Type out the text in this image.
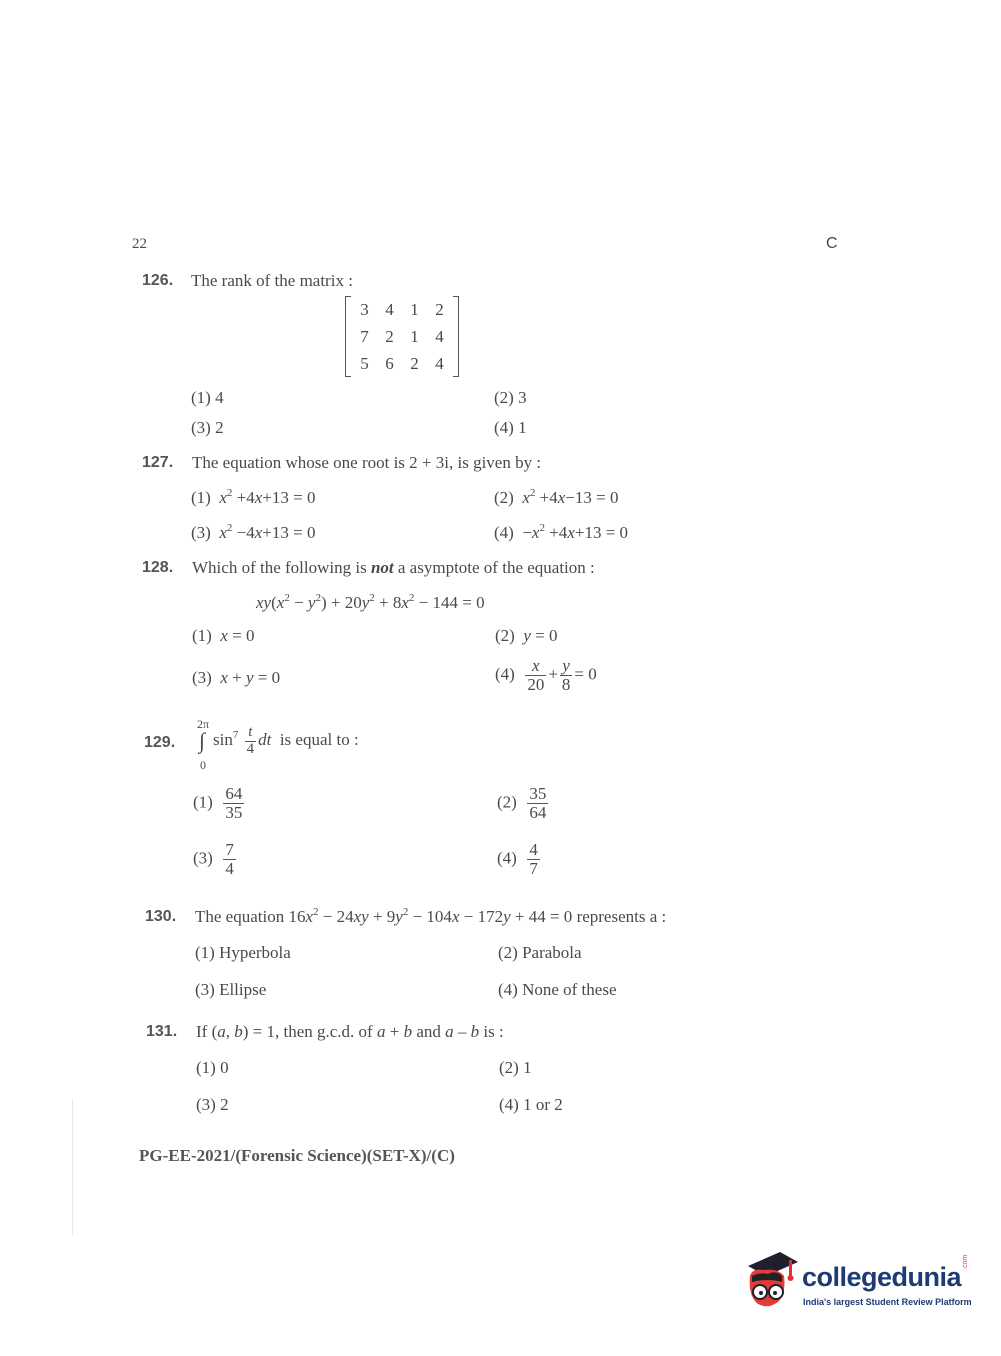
22	C
126. The rank of the matrix :
3 4 1 2
7 2 1 4
5 6 2 4
(1) 4	(2) 3
(3) 2	(4) 1
127. The equation whose one root is 2 + 3i, is given by :
(1) $x^2 +4x+13 = 0$	(2) $x^2 +4x-13 = 0$
(3) $x^2 -4x+13 = 0$	$(4) -x^2 +4x+13 = 0$
128. Which of the following is not a asymptote of the equation :
$xy(x^2 - y^2) + 20y^2 + 8x^2 - 144 = 0$
(1) x = 0	(2) y = 0
(3) x + y = 0	$(4) \frac{x}{20} + \frac{y}{8} = 0$
2π
0
129. ∫ $\sin^7 \frac{t}{4}$ dt is equal to :
$(1) \frac{64}{35}$	$(2) \frac{35}{64}$
$(3) \frac{7}{4}$	$(4) \frac{4}{7}$
130. The equation $16x^2 - 24xy + 9y^2 - 104x - 172y + 44 = 0$ represents a :
(1) Hyperbola	(2) Parabola
(3) Ellipse	(4) None of these
131. If (a, b) = 1, then g.c.d. of a + b and a – b is :
(1) 0	(2) 1
(3) 2	(4) 1 or 2
PG-EE-2021/(Forensic Science)(SET-X)/(C)
collegedunia .com
India's largest Student Review Platform
